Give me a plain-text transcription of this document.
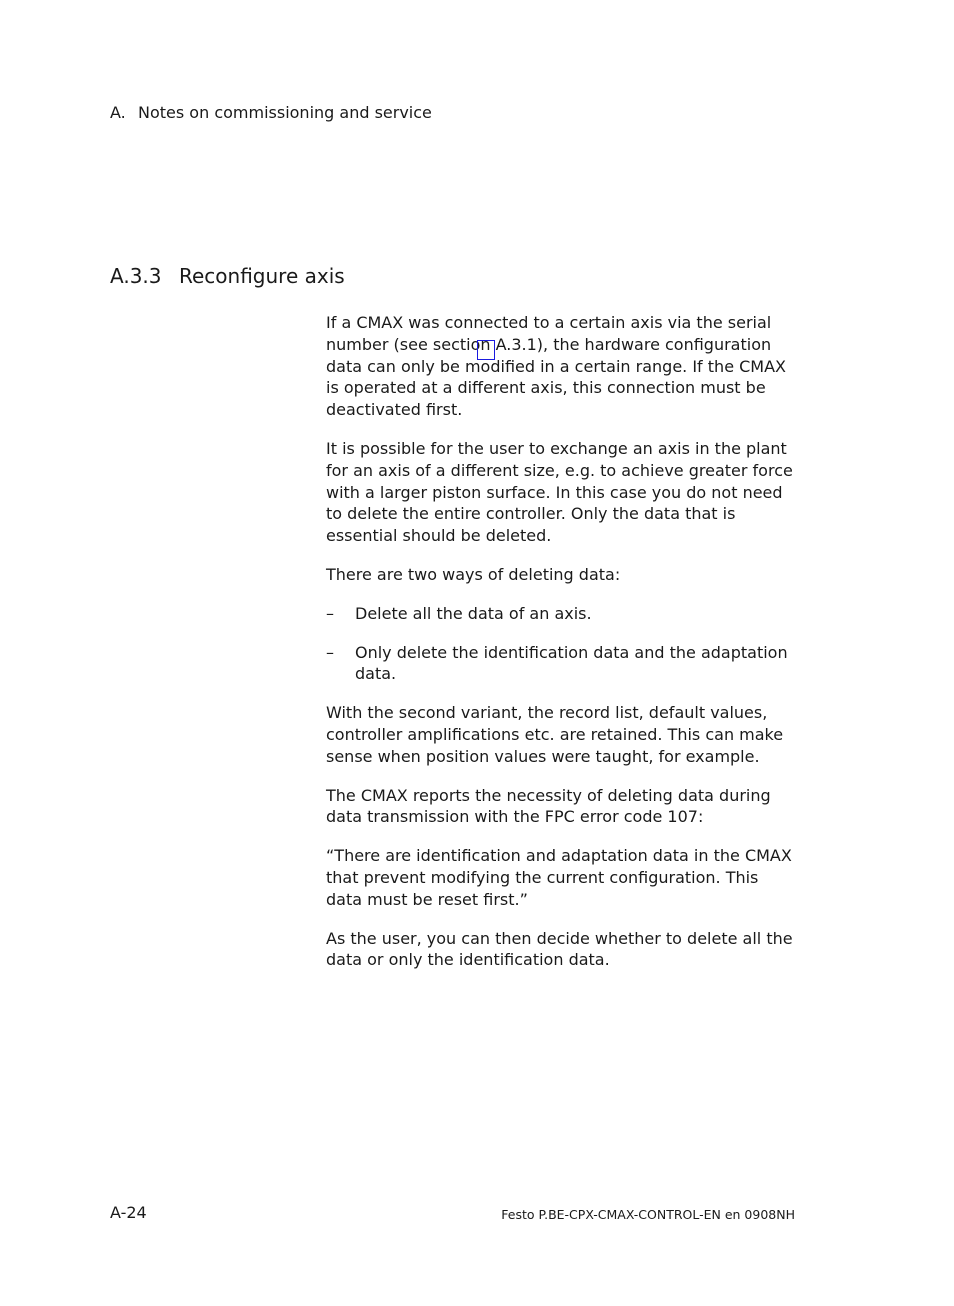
A. Notes on commissioning and service
A.3.3 Reconfigure axis

If a CMAX was connected to a certain axis via the serial number (see section A.3.1), the hardware configuration data can only be modified in a certain range. If the CMAX is operated at a different axis, this connection must be deactivated first.

It is possible for the user to exchange an axis in the plant for an axis of a different size, e.g. to achieve greater force with a larger piston surface. In this case you do not need to delete the entire controller. Only the data that is essential should be deleted.

There are two ways of deleting data:

– Delete all the data of an axis.
– Only delete the identification data and the adaptation data.

With the second variant, the record list, default values, controller amplifications etc. are retained. This can make sense when position values were taught, for example.

The CMAX reports the necessity of deleting data during data transmission with the FPC error code 107:

“There are identification and adaptation data in the CMAX that prevent modifying the current configuration. This data must be reset first.”

As the user, you can then decide whether to delete all the data or only the identification data.

A-24	Festo P.BE-CPX-CMAX-CONTROL-EN en 0908NH
